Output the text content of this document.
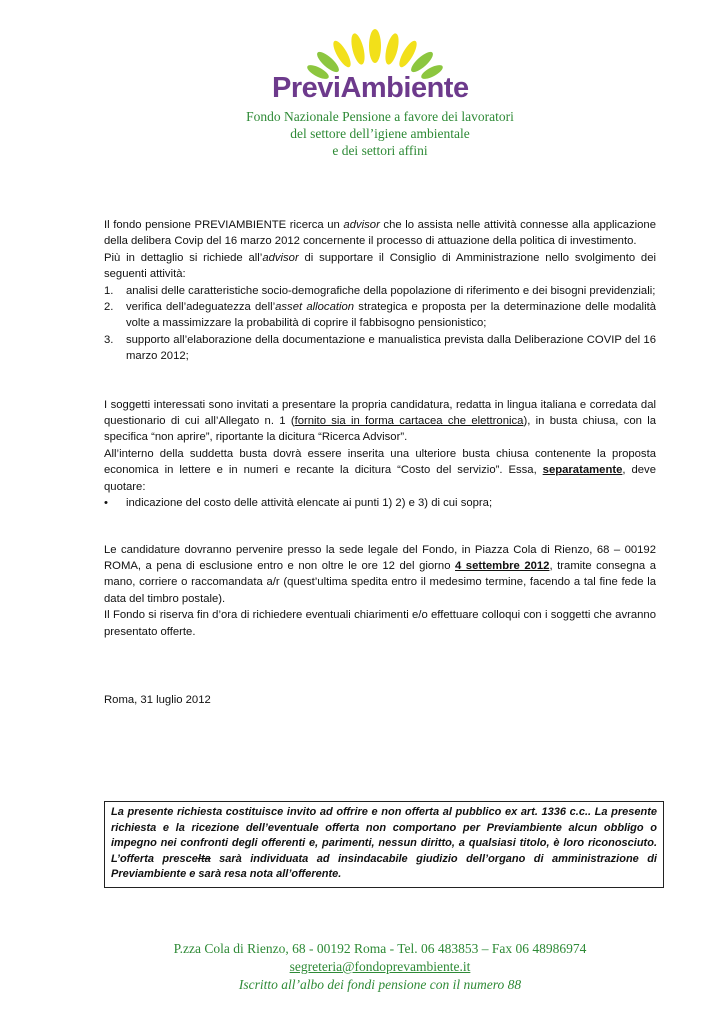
PreviAmbiente
Fondo Nazionale Pensione a favore dei lavoratori
del settore dell’igiene ambientale
e dei settori affini

Il fondo pensione PREVIAMBIENTE ricerca un advisor che lo assista nelle attività connesse alla applicazione della delibera Covip del 16 marzo 2012 concernente il processo di attuazione della politica di investimento.

Più in dettaglio si richiede all’advisor di supportare il Consiglio di Amministrazione nello svolgimento dei seguenti attività:

1. analisi delle caratteristiche socio-demografiche della popolazione di riferimento e dei bisogni previdenziali;
2. verifica dell’adeguatezza dell’asset allocation strategica e proposta per la determinazione delle modalità volte a massimizzare la probabilità di coprire il fabbisogno pensionistico;
3. supporto all’elaborazione della documentazione e manualistica prevista dalla Deliberazione COVIP del 16 marzo 2012;

I soggetti interessati sono invitati a presentare la propria candidatura, redatta in lingua italiana e corredata dal questionario di cui all’Allegato n. 1 (fornito sia in forma cartacea che elettronica), in busta chiusa, con la specifica “non aprire”, riportante la dicitura “Ricerca Advisor”.

All’interno della suddetta busta dovrà essere inserita una ulteriore busta chiusa contenente la proposta economica in lettere e in numeri e recante la dicitura “Costo del servizio”. Essa, separatamente, deve quotare:

• indicazione del costo delle attività elencate ai punti 1) 2) e 3) di cui sopra;

Le candidature dovranno pervenire presso la sede legale del Fondo, in Piazza Cola di Rienzo, 68 – 00192 ROMA, a pena di esclusione entro e non oltre le ore 12 del giorno 4 settembre 2012, tramite consegna a mano, corriere o raccomandata a/r (quest’ultima spedita entro il medesimo termine, facendo a tal fine fede la data del timbro postale).

Il Fondo si riserva fin d’ora di richiedere eventuali chiarimenti e/o effettuare colloqui con i soggetti che avranno presentato offerte.

Roma, 31 luglio 2012

La presente richiesta costituisce invito ad offrire e non offerta al pubblico ex art. 1336 c.c.. La presente richiesta e la ricezione dell’eventuale offerta non comportano per Previambiente alcun obbligo o impegno nei confronti degli offerenti e, parimenti, nessun diritto, a qualsiasi titolo, è loro riconosciuto. L’offerta prescelta sarà individuata ad insindacabile giudizio dell’organo di amministrazione di Previambiente e sarà resa nota all’offerente.
P.zza Cola di Rienzo, 68 - 00192 Roma - Tel. 06 483853 – Fax 06 48986974
segreteria@fondoprevambiente.it
Iscritto all’albo dei fondi pensione con il numero 88
